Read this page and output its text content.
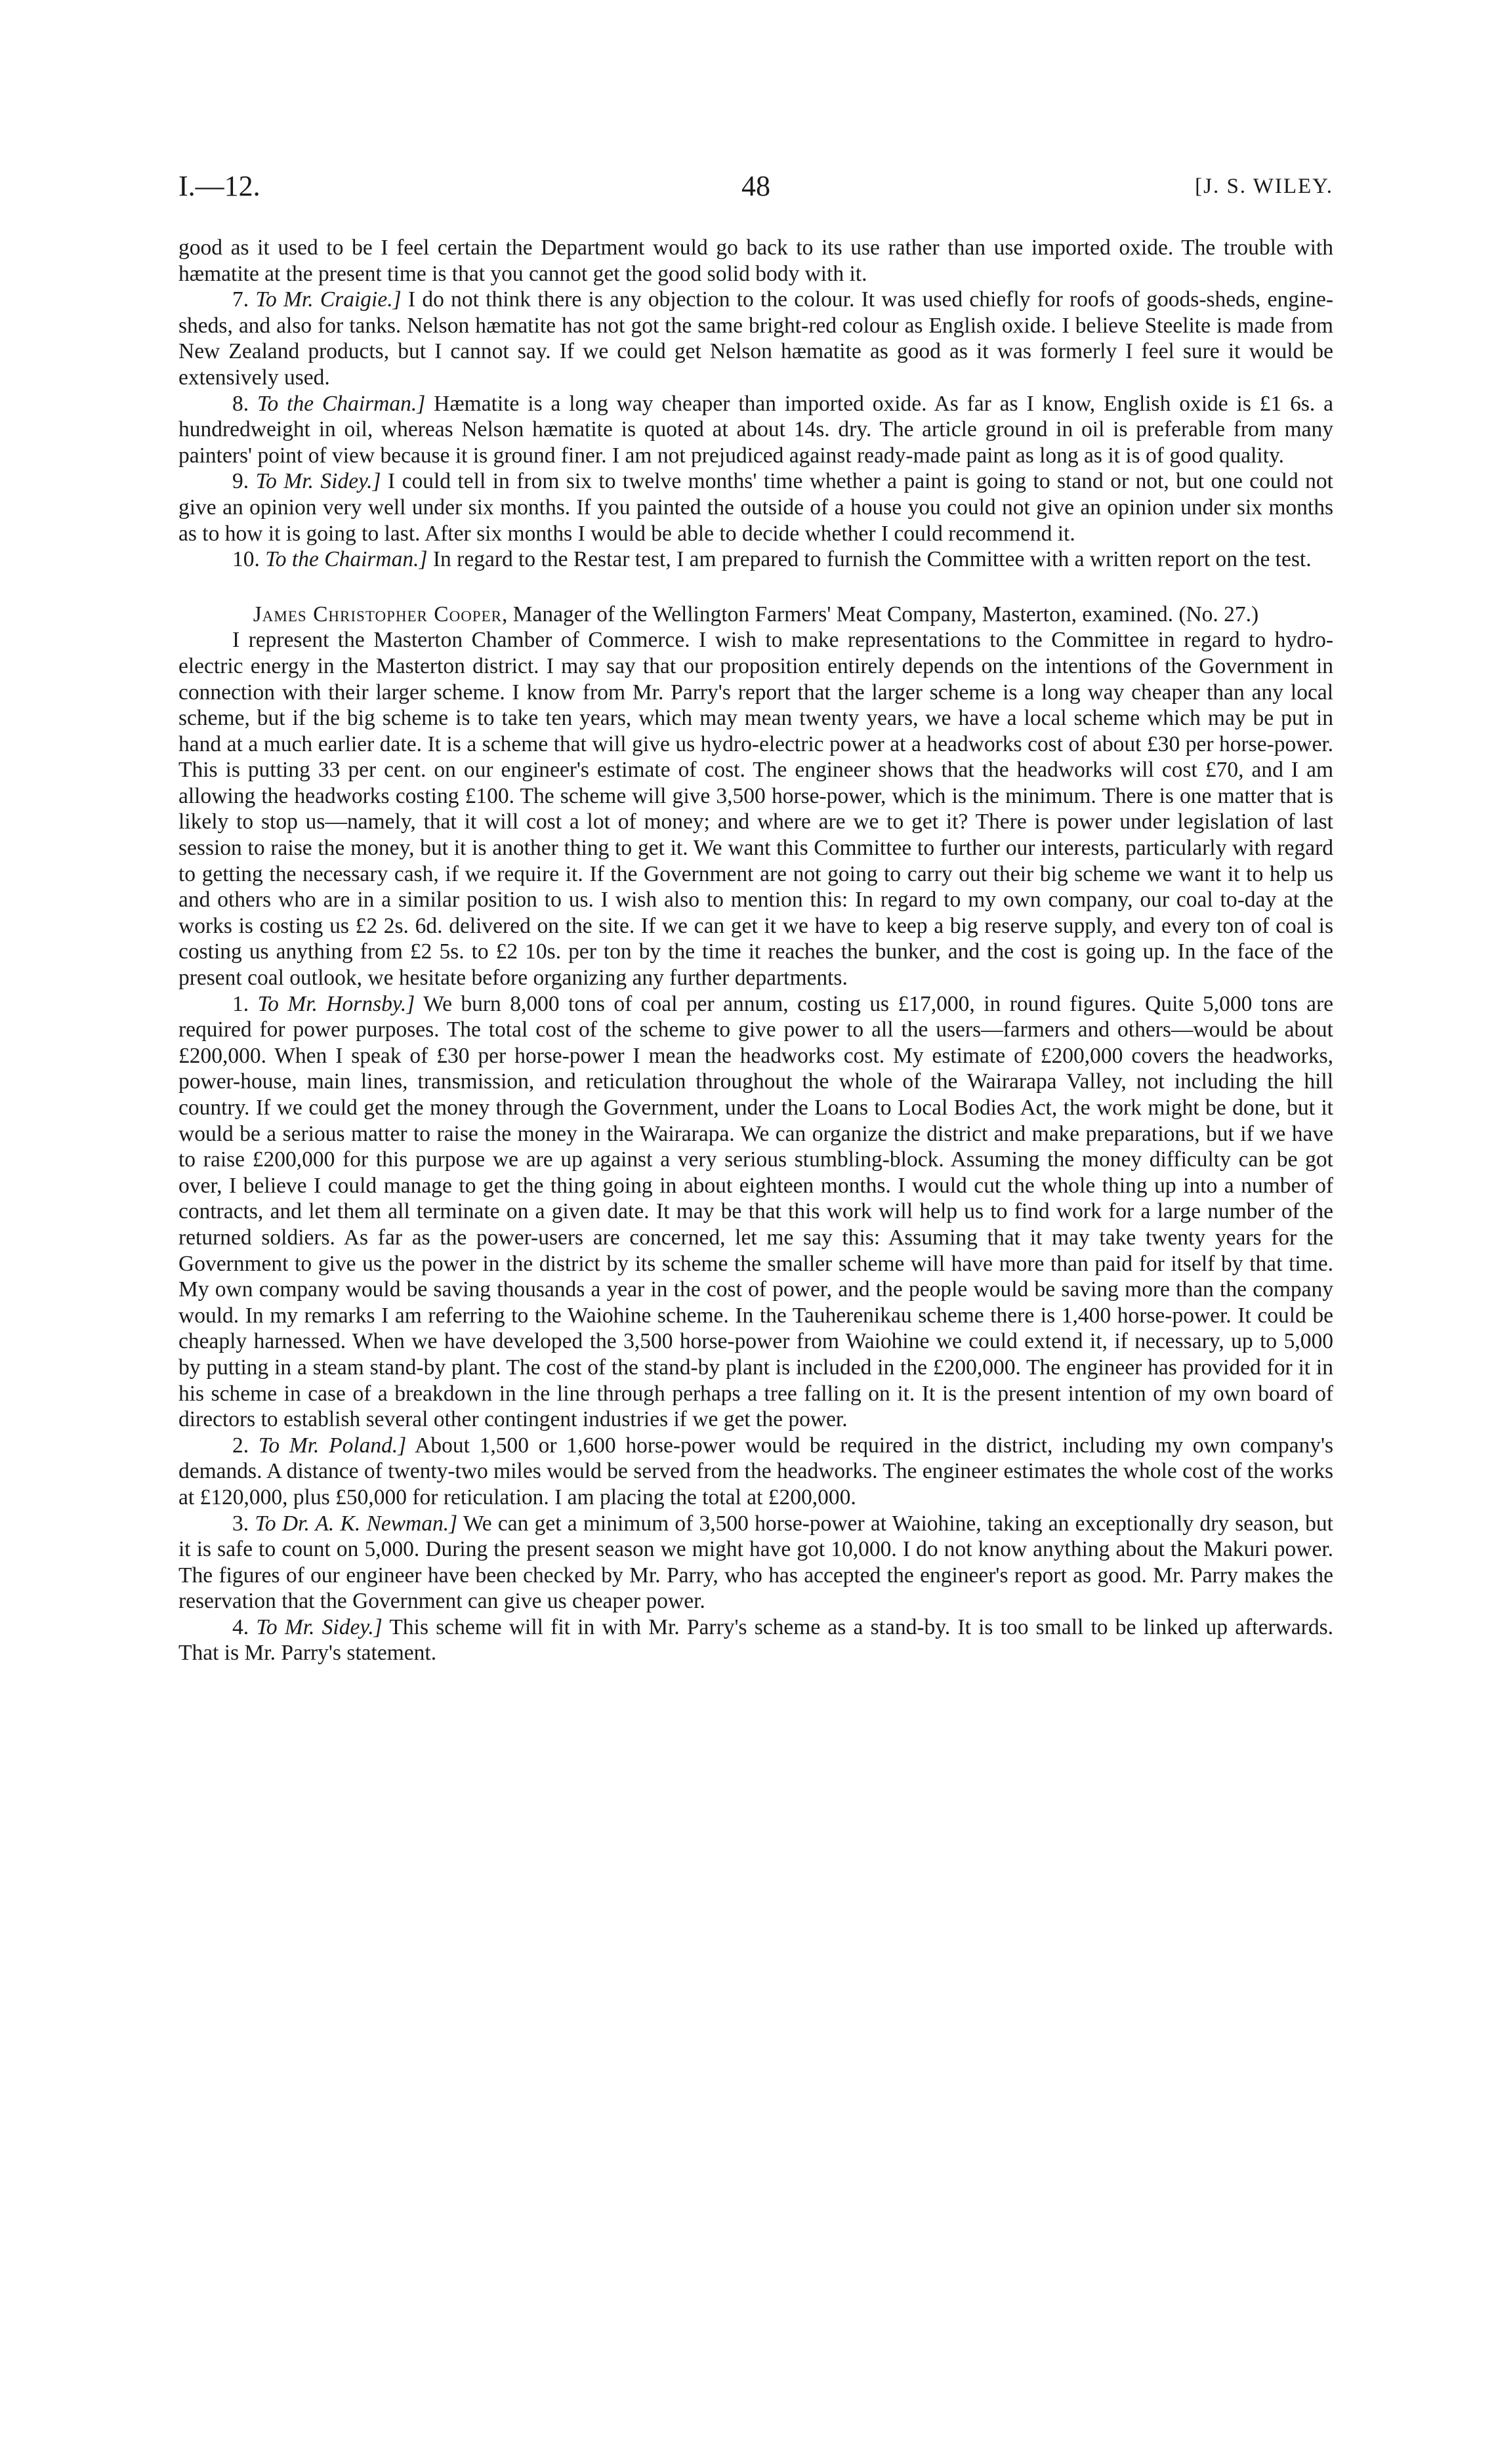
I.—12.	48	[J. S. WILEY.

good as it used to be I feel certain the Department would go back to its use rather than use imported oxide. The trouble with hæmatite at the present time is that you cannot get the good solid body with it.

7. To Mr. Craigie.] I do not think there is any objection to the colour. It was used chiefly for roofs of goods-sheds, engine-sheds, and also for tanks. Nelson hæmatite has not got the same bright-red colour as English oxide. I believe Steelite is made from New Zealand products, but I cannot say. If we could get Nelson hæmatite as good as it was formerly I feel sure it would be extensively used.

8. To the Chairman.] Hæmatite is a long way cheaper than imported oxide. As far as I know, English oxide is £1 6s. a hundredweight in oil, whereas Nelson hæmatite is quoted at about 14s. dry. The article ground in oil is preferable from many painters' point of view because it is ground finer. I am not prejudiced against ready-made paint as long as it is of good quality.

9. To Mr. Sidey.] I could tell in from six to twelve months' time whether a paint is going to stand or not, but one could not give an opinion very well under six months. If you painted the outside of a house you could not give an opinion under six months as to how it is going to last. After six months I would be able to decide whether I could recommend it.

10. To the Chairman.] In regard to the Restar test, I am prepared to furnish the Committee with a written report on the test.

James Christopher Cooper, Manager of the Wellington Farmers' Meat Company, Masterton, examined. (No. 27.)

I represent the Masterton Chamber of Commerce. I wish to make representations to the Committee in regard to hydro-electric energy in the Masterton district. I may say that our proposition entirely depends on the intentions of the Government in connection with their larger scheme. I know from Mr. Parry's report that the larger scheme is a long way cheaper than any local scheme, but if the big scheme is to take ten years, which may mean twenty years, we have a local scheme which may be put in hand at a much earlier date. It is a scheme that will give us hydro-electric power at a headworks cost of about £30 per horse-power. This is putting 33 per cent. on our engineer's estimate of cost. The engineer shows that the headworks will cost £70, and I am allowing the headworks costing £100. The scheme will give 3,500 horse-power, which is the minimum. There is one matter that is likely to stop us—namely, that it will cost a lot of money; and where are we to get it? There is power under legislation of last session to raise the money, but it is another thing to get it. We want this Committee to further our interests, particularly with regard to getting the necessary cash, if we require it. If the Government are not going to carry out their big scheme we want it to help us and others who are in a similar position to us. I wish also to mention this: In regard to my own company, our coal to-day at the works is costing us £2 2s. 6d. delivered on the site. If we can get it we have to keep a big reserve supply, and every ton of coal is costing us anything from £2 5s. to £2 10s. per ton by the time it reaches the bunker, and the cost is going up. In the face of the present coal outlook, we hesitate before organizing any further departments.

1. To Mr. Hornsby.] We burn 8,000 tons of coal per annum, costing us £17,000, in round figures. Quite 5,000 tons are required for power purposes. The total cost of the scheme to give power to all the users—farmers and others—would be about £200,000. When I speak of £30 per horse-power I mean the headworks cost. My estimate of £200,000 covers the headworks, power-house, main lines, transmission, and reticulation throughout the whole of the Wairarapa Valley, not including the hill country. If we could get the money through the Government, under the Loans to Local Bodies Act, the work might be done, but it would be a serious matter to raise the money in the Wairarapa. We can organize the district and make preparations, but if we have to raise £200,000 for this purpose we are up against a very serious stumbling-block. Assuming the money difficulty can be got over, I believe I could manage to get the thing going in about eighteen months. I would cut the whole thing up into a number of contracts, and let them all terminate on a given date. It may be that this work will help us to find work for a large number of the returned soldiers. As far as the power-users are concerned, let me say this: Assuming that it may take twenty years for the Government to give us the power in the district by its scheme the smaller scheme will have more than paid for itself by that time. My own company would be saving thousands a year in the cost of power, and the people would be saving more than the company would. In my remarks I am referring to the Waiohine scheme. In the Tauherenikau scheme there is 1,400 horse-power. It could be cheaply harnessed. When we have developed the 3,500 horse-power from Waiohine we could extend it, if necessary, up to 5,000 by putting in a steam stand-by plant. The cost of the stand-by plant is included in the £200,000. The engineer has provided for it in his scheme in case of a breakdown in the line through perhaps a tree falling on it. It is the present intention of my own board of directors to establish several other contingent industries if we get the power.

2. To Mr. Poland.] About 1,500 or 1,600 horse-power would be required in the district, including my own company's demands. A distance of twenty-two miles would be served from the headworks. The engineer estimates the whole cost of the works at £120,000, plus £50,000 for reticulation. I am placing the total at £200,000.

3. To Dr. A. K. Newman.] We can get a minimum of 3,500 horse-power at Waiohine, taking an exceptionally dry season, but it is safe to count on 5,000. During the present season we might have got 10,000. I do not know anything about the Makuri power. The figures of our engineer have been checked by Mr. Parry, who has accepted the engineer's report as good. Mr. Parry makes the reservation that the Government can give us cheaper power.

4. To Mr. Sidey.] This scheme will fit in with Mr. Parry's scheme as a stand-by. It is too small to be linked up afterwards. That is Mr. Parry's statement.
